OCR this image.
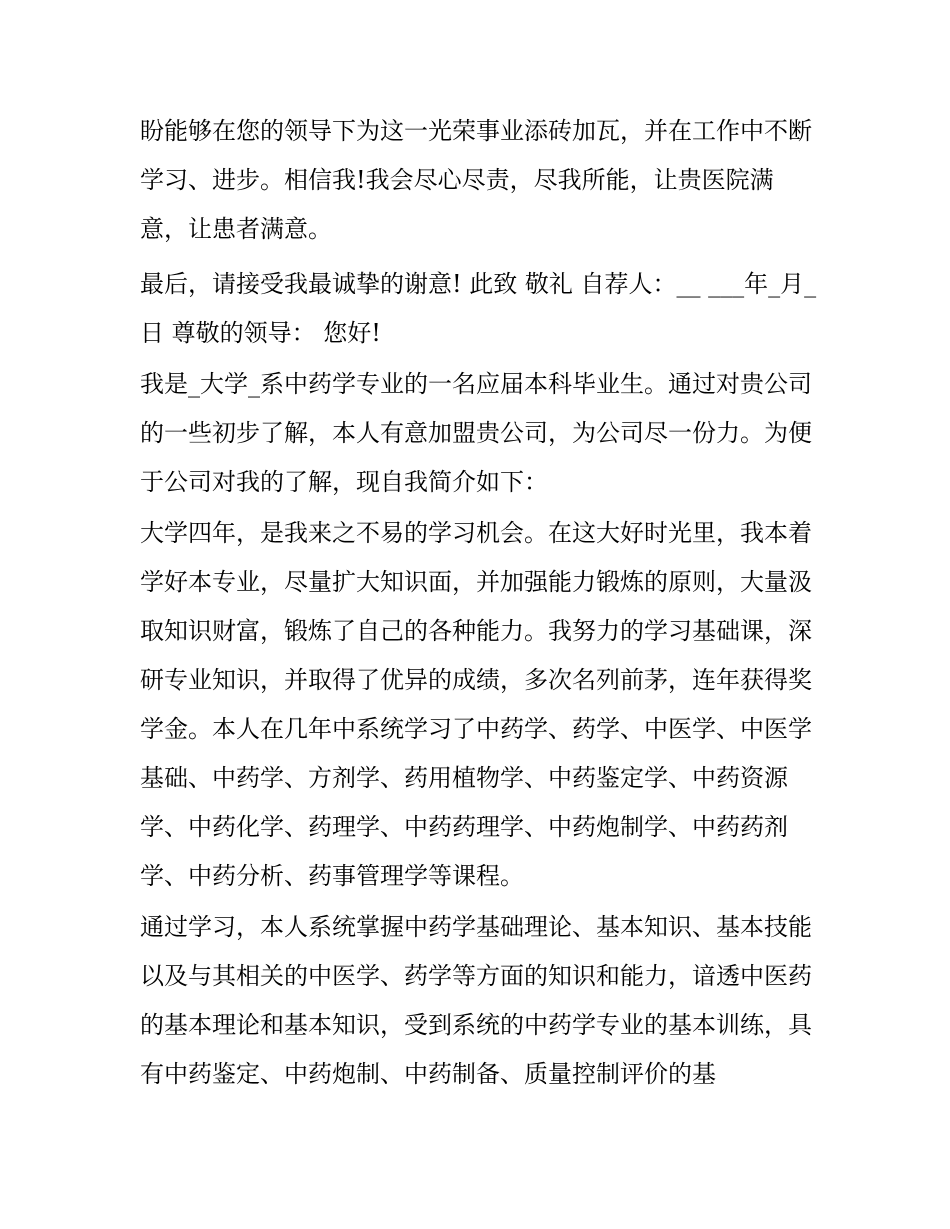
盼能够在您的领导下为这一光荣事业添砖加瓦，并在工作中不断学习、进步。相信我!我会尽心尽责，尽我所能，让贵医院满意，让患者满意。

最后，请接受我最诚挚的谢意! 此致 敬礼 自荐人：__ ___年_月_日 尊敬的领导： 您好!

我是_大学_系中药学专业的一名应届本科毕业生。通过对贵公司的一些初步了解，本人有意加盟贵公司，为公司尽一份力。为便于公司对我的了解，现自我简介如下：

大学四年，是我来之不易的学习机会。在这大好时光里，我本着学好本专业，尽量扩大知识面，并加强能力锻炼的原则，大量汲取知识财富，锻炼了自己的各种能力。我努力的学习基础课，深研专业知识，并取得了优异的成绩，多次名列前茅，连年获得奖学金。本人在几年中系统学习了中药学、药学、中医学、中医学基础、中药学、方剂学、药用植物学、中药鉴定学、中药资源学、中药化学、药理学、中药药理学、中药炮制学、中药药剂学、中药分析、药事管理学等课程。

通过学习，本人系统掌握中药学基础理论、基本知识、基本技能以及与其相关的中医学、药学等方面的知识和能力，谙透中医药的基本理论和基本知识，受到系统的中药学专业的基本训练，具有中药鉴定、中药炮制、中药制备、质量控制评价的基
